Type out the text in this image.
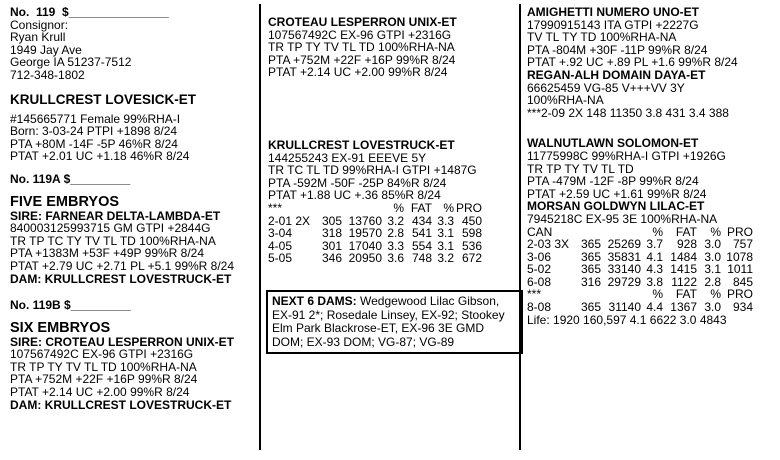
No.  119  $_______________
Consignor:
Ryan Krull
1949 Jay Ave
George IA 51237-7512
712-348-1802
KRULLCREST LOVESICK-ET
#145665771 Female 99%RHA-I
Born: 3-03-24 PTPI +1898 8/24
PTA +80M -14F -5P 46%R 8/24
PTAT +2.01 UC +1.18 46%R 8/24
No. 119A $_________
FIVE EMBRYOS
SIRE: FARNEAR DELTA-LAMBDA-ET
840003125993715 GM GTPI +2844G
TR TP TC TY TV TL TD 100%RHA-NA
PTA +1383M +53F +49P 99%R 8/24
PTAT +2.79 UC +2.71 PL +5.1 99%R 8/24
DAM: KRULLCREST LOVESTRUCK-ET
No. 119B $_________
SIX EMBRYOS
SIRE: CROTEAU LESPERRON UNIX-ET
107567492C EX-96 GTPI +2316G
TR TP TY TV TL TD 100%RHA-NA
PTA +752M +22F +16P 99%R 8/24
PTAT +2.14 UC +2.00 99%R 8/24
DAM: KRULLCREST LOVESTRUCK-ET
CROTEAU LESPERRON UNIX-ET
107567492C EX-96 GTPI +2316G
TR TP TY TV TL TD 100%RHA-NA
PTA +752M +22F +16P 99%R 8/24
PTAT +2.14 UC +2.00 99%R 8/24
KRULLCREST LOVESTRUCK-ET
144255243 EX-91 EEEVE 5Y
TR TC TL TD 99%RHA-I GTPI +1487G
PTA -592M -50F -25P 84%R 8/24
PTAT +1.88 UC +.36 85%R 8/24
***			%	FAT	%	PRO
2-01 2X	305	13760	3.2	434	3.3	450
3-04	318	19570	2.8	541	3.1	598
4-05	301	17040	3.3	554	3.1	536
5-05	346	20950	3.6	748	3.2	672
NEXT 6 DAMS: Wedgewood Lilac Gibson, EX-91 2*; Rosedale Linsey, EX-92; Stookey Elm Park Blackrose-ET, EX-96 3E GMD DOM; EX-93 DOM; VG-87; VG-89
AMIGHETTI NUMERO UNO-ET
17990915143 ITA GTPI +2227G
TV TL TY TD 100%RHA-NA
PTA -804M +30F -11P 99%R 8/24
PTAT +.92 UC +.89 PL +1.6 99%R 8/24
REGAN-ALH DOMAIN DAYA-ET
66625459 VG-85 V+++VV 3Y
100%RHA-NA
***2-09 2X 148 11350 3.8 431 3.4 388
WALNUTLAWN SOLOMON-ET
11775998C 99%RHA-I GTPI +1926G
TR TP TY TV TL TD
PTA -479M -12F -8P 99%R 8/24
PTAT +2.59 UC +1.61 99%R 8/24
MORSAN GOLDWYN LILAC-ET
7945218C EX-95 3E 100%RHA-NA
CAN			%	FAT	%	PRO
2-03 3X	365	25269	3.7	928	3.0	757
3-06	365	35831	4.1	1484	3.0	1078
5-02	365	33140	4.3	1415	3.1	1011
6-08	316	29729	3.8	1122	2.8	845
***			%	FAT	%	PRO
8-08	365	31140	4.4	1367	3.0	934
Life: 1920 160,597 4.1 6622 3.0 4843
